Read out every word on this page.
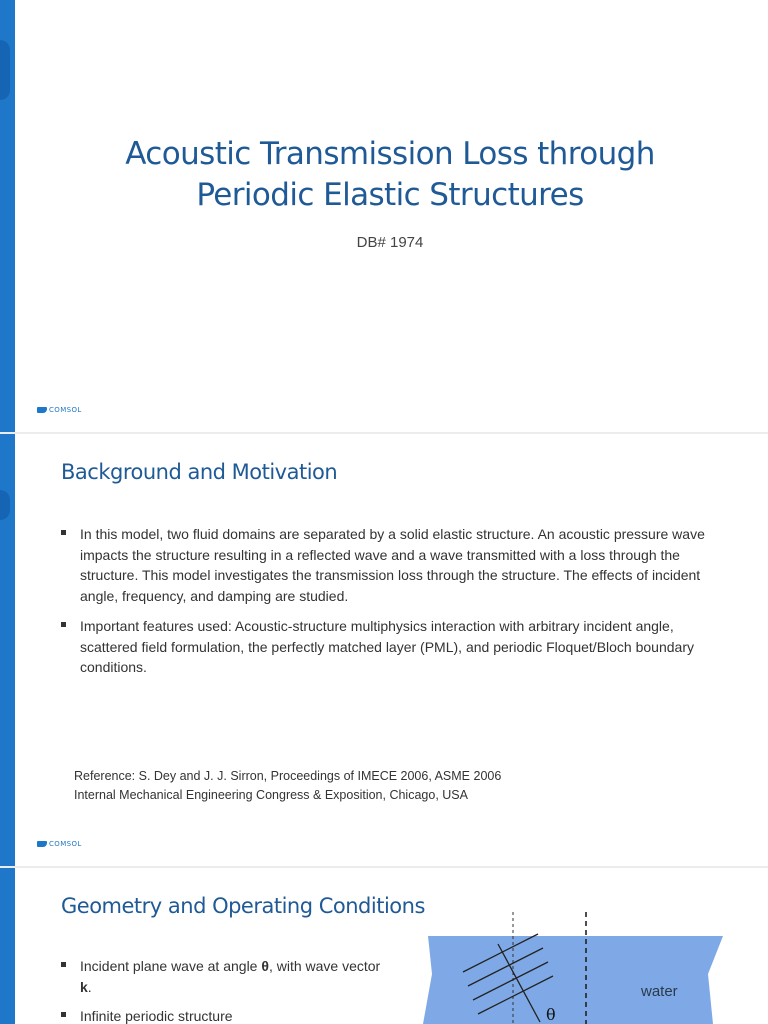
Acoustic Transmission Loss through
Periodic Elastic Structures
DB# 1974
COMSOL
Background and Motivation
In this model, two fluid domains are separated by a solid elastic structure. An acoustic pressure wave impacts the structure resulting in a reflected wave and a wave transmitted with a loss through the structure. This model investigates the transmission loss through the structure. The effects of incident angle, frequency, and damping are studied.
Important features used: Acoustic-structure multiphysics interaction with arbitrary incident angle, scattered field formulation, the perfectly matched layer (PML), and periodic Floquet/Bloch boundary conditions.
Reference: S. Dey and J. J. Sirron, Proceedings of IMECE 2006, ASME 2006
Internal Mechanical Engineering Congress & Exposition, Chicago, USA
COMSOL
Geometry and Operating Conditions
Incident plane wave at angle θ, with wave vector k.
Infinite periodic structure
water
θ
